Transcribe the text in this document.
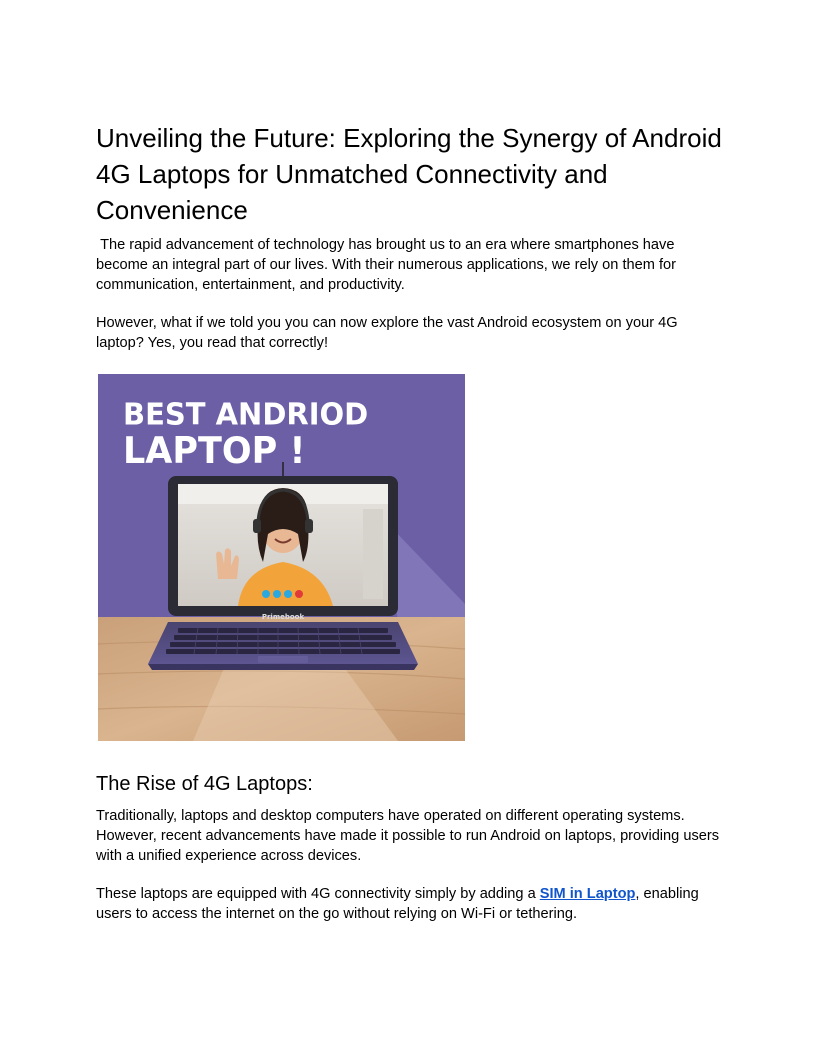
Unveiling the Future: Exploring the Synergy of Android 4G Laptops for Unmatched Connectivity and Convenience

The rapid advancement of technology has brought us to an era where smartphones have become an integral part of our lives. With their numerous applications, we rely on them for communication, entertainment, and productivity.

However, what if we told you you can now explore the vast Android ecosystem on your 4G laptop? Yes, you read that correctly!

BEST ANDRIOD
LAPTOP !
Primebook
The Rise of 4G Laptops:

Traditionally, laptops and desktop computers have operated on different operating systems. However, recent advancements have made it possible to run Android on laptops, providing users with a unified experience across devices.

These laptops are equipped with 4G connectivity simply by adding a SIM in Laptop, enabling users to access the internet on the go without relying on Wi-Fi or tethering.
